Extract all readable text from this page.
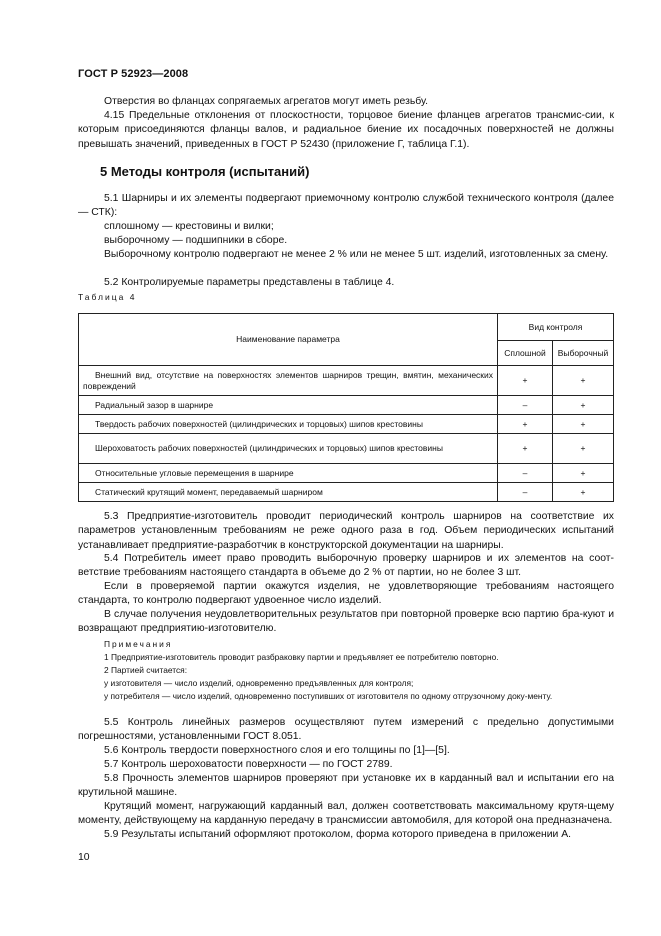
ГОСТ Р 52923—2008
Отверстия во фланцах сопрягаемых агрегатов могут иметь резьбу.
4.15 Предельные отклонения от плоскостности, торцовое биение фланцев агрегатов трансмис-сии, к которым присоединяются фланцы валов, и радиальное биение их посадочных поверхностей не должны превышать значений, приведенных в ГОСТ Р 52430 (приложение Г, таблица Г.1).
5 Методы контроля (испытаний)
5.1 Шарниры и их элементы подвергают приемочному контролю службой технического контроля (далее — СТК):
сплошному — крестовины и вилки;
выборочному — подшипники в сборе.
Выборочному контролю подвергают не менее 2 % или не менее 5 шт. изделий, изготовленных за смену.
5.2 Контролируемые параметры представлены в таблице 4.
Таблица 4
Наименование параметра	Вид контроля	
	Сплошной	Выборочный
Внешний вид, отсутствие на поверхностях элементов шарниров трещин, вмятин, механических повреждений	+	+
Радиальный зазор в шарнире	–	+
Твердость рабочих поверхностей (цилиндрических и торцовых) шипов крестовины	+	+
Шероховатость рабочих поверхностей (цилиндрических и торцовых) шипов крестовины	+	+
Относительные угловые перемещения в шарнире	–	+
Статический крутящий момент, передаваемый шарниром	–	+
5.3 Предприятие-изготовитель проводит периодический контроль шарниров на соответствие их параметров установленным требованиям не реже одного раза в год. Объем периодических испытаний устанавливает предприятие-разработчик в конструкторской документации на шарниры.
5.4 Потребитель имеет право проводить выборочную проверку шарниров и их элементов на соот-ветствие требованиям настоящего стандарта в объеме до 2 % от партии, но не более 3 шт.
Если в проверяемой партии окажутся изделия, не удовлетворяющие требованиям настоящего стандарта, то контролю подвергают удвоенное число изделий.
В случае получения неудовлетворительных результатов при повторной проверке всю партию бра-куют и возвращают предприятию-изготовителю.
Примечания
1 Предприятие-изготовитель проводит разбраковку партии и предъявляет ее потребителю повторно.
2 Партией считается:
у изготовителя — число изделий, одновременно предъявленных для контроля;
у потребителя — число изделий, одновременно поступивших от изготовителя по одному отгрузочному доку-менту.
5.5 Контроль линейных размеров осуществляют путем измерений с предельно допустимыми погрешностями, установленными ГОСТ 8.051.
5.6 Контроль твердости поверхностного слоя и его толщины по [1]—[5].
5.7 Контроль шероховатости поверхности — по ГОСТ 2789.
5.8 Прочность элементов шарниров проверяют при установке их в карданный вал и испытании его на крутильной машине.
Крутящий момент, нагружающий карданный вал, должен соответствовать максимальному крутя-щему моменту, действующему на карданную передачу в трансмиссии автомобиля, для которой она предназначена.
5.9 Результаты испытаний оформляют протоколом, форма которого приведена в приложении А.
10
